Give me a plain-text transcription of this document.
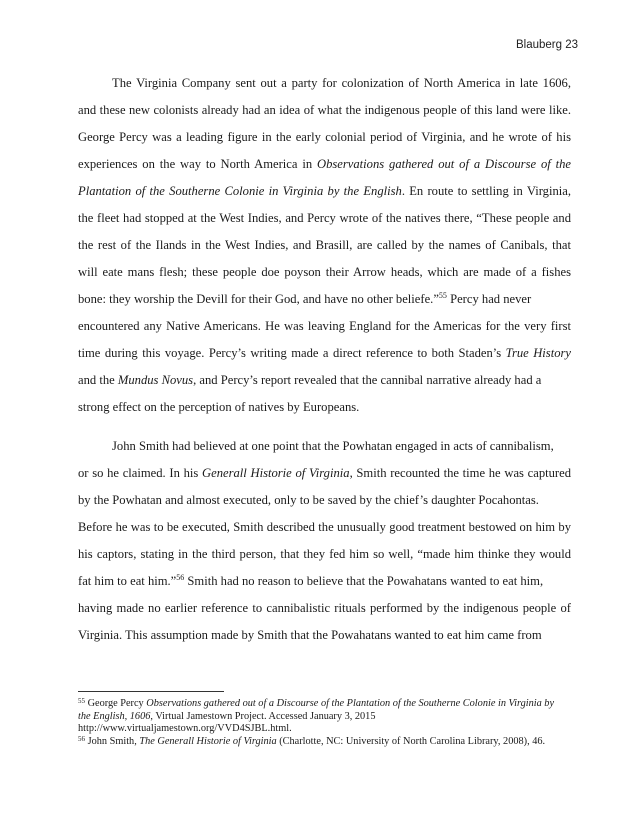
Blauberg 23
The Virginia Company sent out a party for colonization of North America in late 1606,
and these new colonists already had an idea of what the indigenous people of this land were like.
George Percy was a leading figure in the early colonial period of Virginia, and he wrote of his
experiences on the way to North America in Observations gathered out of a Discourse of the
Plantation of the Southerne Colonie in Virginia by the English. En route to settling in Virginia,
the fleet had stopped at the West Indies, and Percy wrote of the natives there, “These people and
the rest of the Ilands in the West Indies, and Brasill, are called by the names of Canibals, that
will eate mans flesh; these people doe poyson their Arrow heads, which are made of a fishes
bone: they worship the Devill for their God, and have no other beliefe.”$^{55}$ Percy had never
encountered any Native Americans. He was leaving England for the Americas for the very first
time during this voyage. Percy’s writing made a direct reference to both Staden’s True History
and the Mundus Novus, and Percy’s report revealed that the cannibal narrative already had a
strong effect on the perception of natives by Europeans.
John Smith had believed at one point that the Powhatan engaged in acts of cannibalism,
or so he claimed. In his Generall Historie of Virginia, Smith recounted the time he was captured
by the Powhatan and almost executed, only to be saved by the chief’s daughter Pocahontas.
Before he was to be executed, Smith described the unusually good treatment bestowed on him by
his captors, stating in the third person, that they fed him so well, “made him thinke they would
fat him to eat him.”$^{56}$ Smith had no reason to believe that the Powahatans wanted to eat him,
having made no earlier reference to cannibalistic rituals performed by the indigenous people of
Virginia. This assumption made by Smith that the Powahatans wanted to eat him came from
$^{55}$ George Percy Observations gathered out of a Discourse of the Plantation of the Southerne Colonie in Virginia by
the English, 1606, Virtual Jamestown Project. Accessed January 3, 2015
http://www.virtualjamestown.org/VVD4SJBL.html.
$^{56}$ John Smith, The Generall Historie of Virginia (Charlotte, NC: University of North Carolina Library, 2008), 46.
